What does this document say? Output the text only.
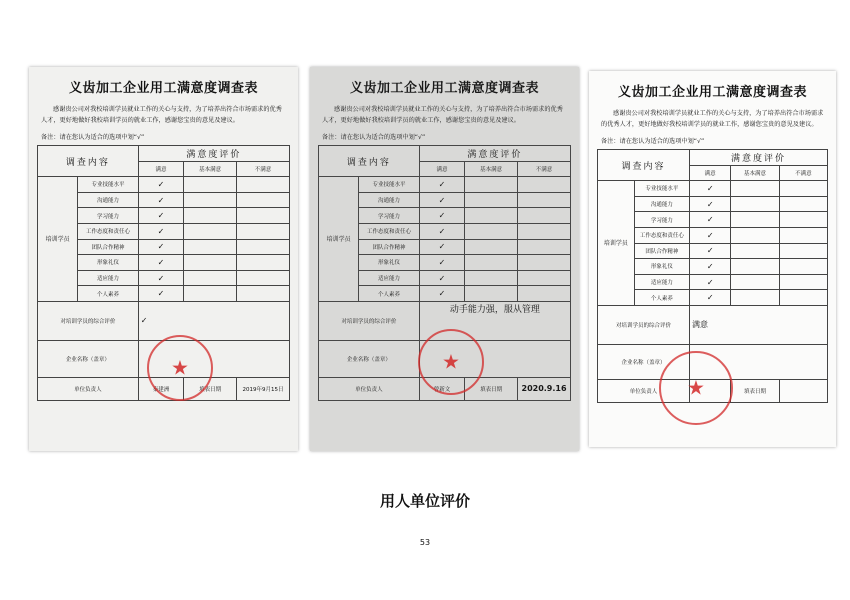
义齿加工企业用工满意度调查表
感谢贵公司对我校培训学员就业工作的关心与支持，为了培养出符合市场需求的优秀人才，更好地做好我校培训学员的就业工作，感谢您宝贵的意见及建议。
备注：请在您认为适合的选项中划“√”
调查内容		满意度评价		
		满意	基本满意	不满意
培训学员	专业技能水平	✓		
	沟通能力	✓		
	学习能力	✓		
	工作态度和责任心	✓		
	团队合作精神	✓		
	形象礼仪	✓		
	适应能力	✓		
	个人素养	✓		
对培训学员的综合评价		✓		
企业名称（盖章）				
单位负责人		秦建洲	填表日期	2019年9月15日
★
义齿加工企业用工满意度调查表
感谢贵公司对我校培训学员就业工作的关心与支持，为了培养出符合市场需求的优秀人才，更好地做好我校培训学员的就业工作，感谢您宝贵的意见及建议。
备注：请在您认为适合的选项中划“√”
调查内容		满意度评价		
		满意	基本满意	不满意
培训学员	专业技能水平	✓		
	沟通能力	✓		
	学习能力	✓		
	工作态度和责任心	✓		
	团队合作精神	✓		
	形象礼仪	✓		
	适应能力	✓		
	个人素养	✓		
对培训学员的综合评价		动手能力强，服从管理		
企业名称（盖章）				
单位负责人		曾新文	填表日期	2020.9.16
★
义齿加工企业用工满意度调查表
感谢贵公司对我校培训学员就业工作的关心与支持，为了培养出符合市场需求的优秀人才，更好地做好我校培训学员的就业工作，感谢您宝贵的意见及建议。
备注：请在您认为适合的选项中划“√”
调查内容		满意度评价		
		满意	基本满意	不满意
培训学员	专业技能水平	✓		
	沟通能力	✓		
	学习能力	✓		
	工作态度和责任心	✓		
	团队合作精神	✓		
	形象礼仪	✓		
	适应能力	✓		
	个人素养	✓		
对培训学员的综合评价		满意		
企业名称（盖章）				
单位负责人			填表日期	
★
用人单位评价
53
